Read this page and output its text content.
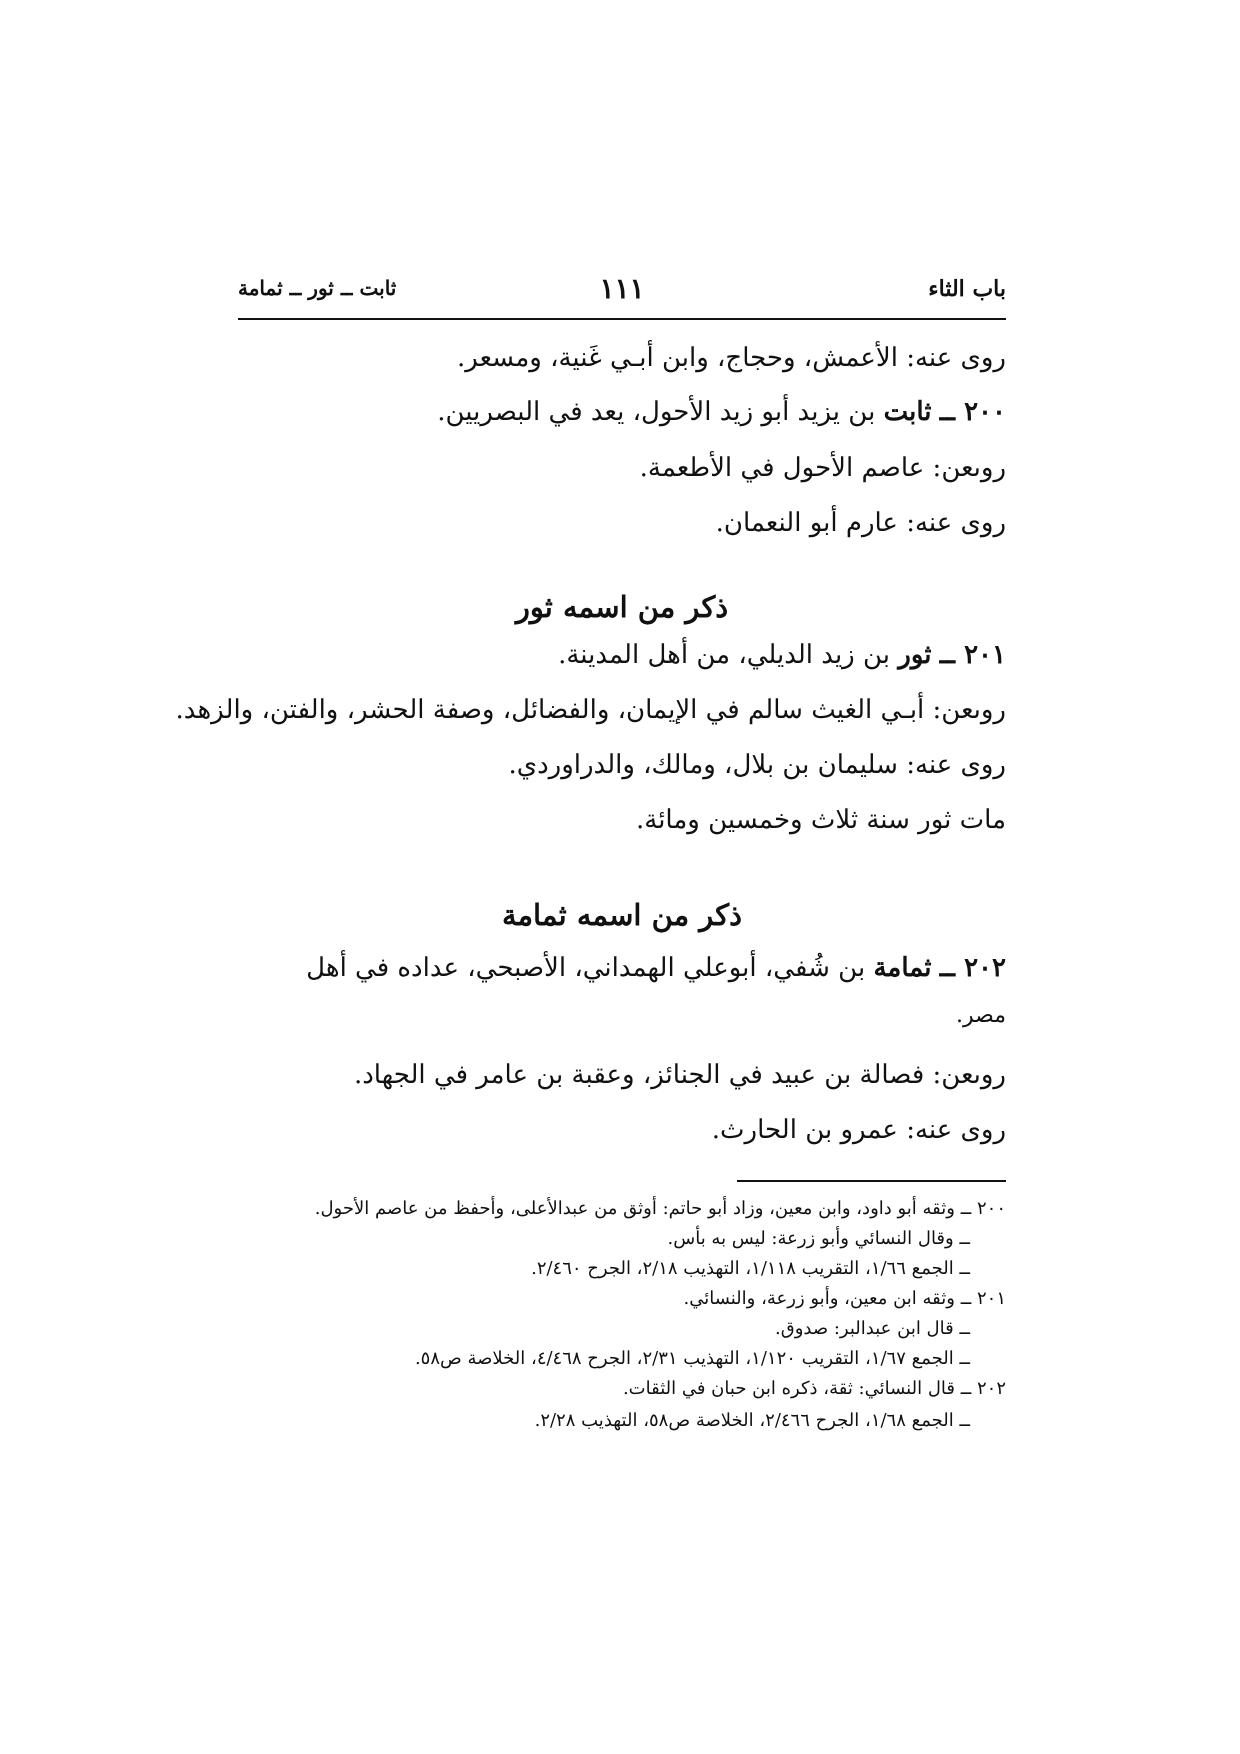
باب الثاء
١١١
ثابت ــ ثور ــ ثمامة
روى عنه: الأعمش، وحجاج، وابن أبـي غَنية، ومسعر.
٢٠٠ ــ ثابت بن يزيد أبو زيد الأحول، يعد في البصريين.
روىعن: عاصم الأحول في الأطعمة.
روى عنه: عارم أبو النعمان.
ذكر من اسمه ثور
٢٠١ ــ ثور بن زيد الديلي، من أهل المدينة.
روىعن: أبـي الغيث سالم في الإيمان، والفضائل، وصفة الحشر، والفتن، والزهد.
روى عنه: سليمان بن بلال، ومالك، والدراوردي.
مات ثور سنة ثلاث وخمسين ومائة.
ذكر من اسمه ثمامة
٢٠٢ ــ ثمامة بن شُفي، أبوعلي الهمداني، الأصبحي، عداده في أهل
مصر.
روىعن: فصالة بن عبيد في الجنائز، وعقبة بن عامر في الجهاد.
روى عنه: عمرو بن الحارث.
٢٠٠ ــ وثقه أبو داود، وابن معين، وزاد أبو حاتم: أوثق من عبدالأعلى، وأحفظ من عاصم الأحول.
ــ وقال النسائي وأبو زرعة: ليس به بأس.
ــ الجمع ١/٦٦، التقريب ١/١١٨، التهذيب ٢/١٨، الجرح ٢/٤٦٠.
٢٠١ ــ وثقه ابن معين، وأبو زرعة، والنسائي.
ــ قال ابن عبدالبر: صدوق.
ــ الجمع ١/٦٧، التقريب ١/١٢٠، التهذيب ٢/٣١، الجرح ٤/٤٦٨، الخلاصة ص٥٨.
٢٠٢ ــ قال النسائي: ثقة، ذكره ابن حبان في الثقات.
ــ الجمع ١/٦٨، الجرح ٢/٤٦٦، الخلاصة ص٥٨، التهذيب ٢/٢٨.
